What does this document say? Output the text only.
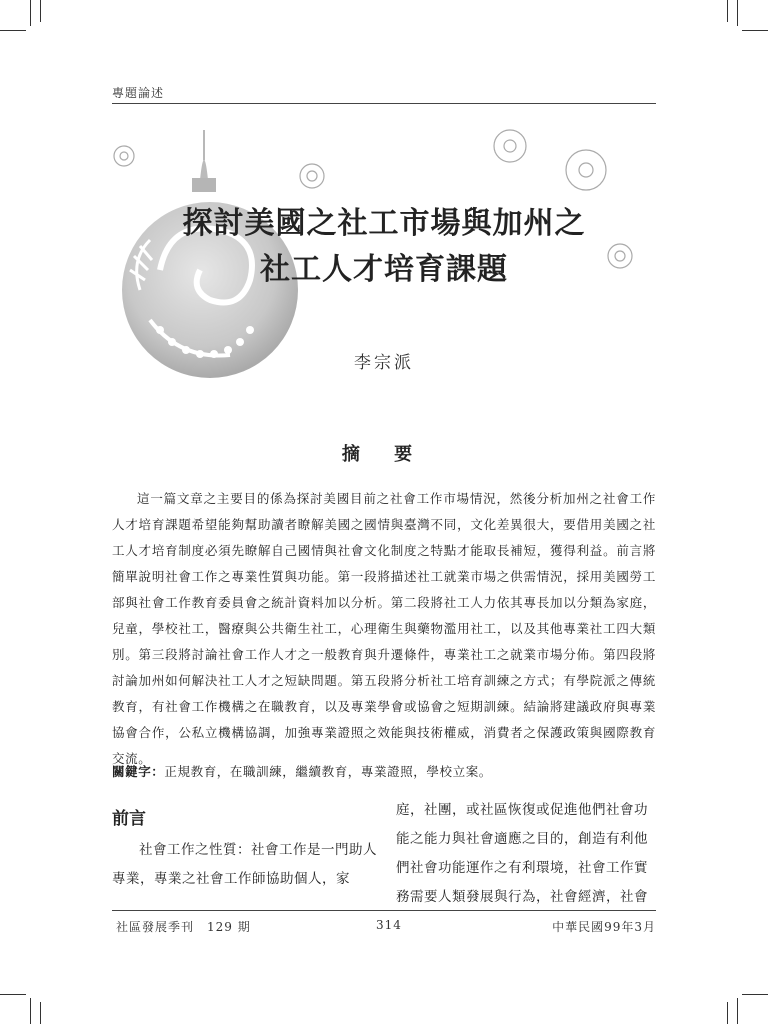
專題論述
探討美國之社工市場與加州之
社工人才培育課題
李宗派
摘 要

這一篇文章之主要目的係為探討美國目前之社會工作市場情況，然後分析加州之社會工作人才培育課題希望能夠幫助讀者瞭解美國之國情與臺灣不同，文化差異很大，要借用美國之社工人才培育制度必須先瞭解自己國情與社會文化制度之特點才能取長補短，獲得利益。前言將簡單說明社會工作之專業性質與功能。第一段將描述社工就業市場之供需情況，採用美國勞工部與社會工作教育委員會之統計資料加以分析。第二段將社工人力依其專長加以分類為家庭，兒童，學校社工，醫療與公共衛生社工，心理衛生與藥物濫用社工，以及其他專業社工四大類別。第三段將討論社會工作人才之一般教育與升遷條件，專業社工之就業市場分佈。第四段將討論加州如何解決社工人才之短缺問題。第五段將分析社工培育訓練之方式；有學院派之傳統教育，有社會工作機構之在職教育，以及專業學會或協會之短期訓練。結論將建議政府與專業協會合作，公私立機構協調，加強專業證照之效能與技術權威，消費者之保護政策與國際教育交流。

關鍵字：正規教育，在職訓練，繼續教育，專業證照，學校立案。
前言

社會工作之性質：社會工作是一門助人專業，專業之社會工作師協助個人，家

庭，社團，或社區恢復或促進他們社會功能之能力與社會適應之目的，創造有利他們社會功能運作之有利環境，社會工作實務需要人類發展與行為，社會經濟，社會

社區發展季刊　129 期	314	中華民國99年3月
